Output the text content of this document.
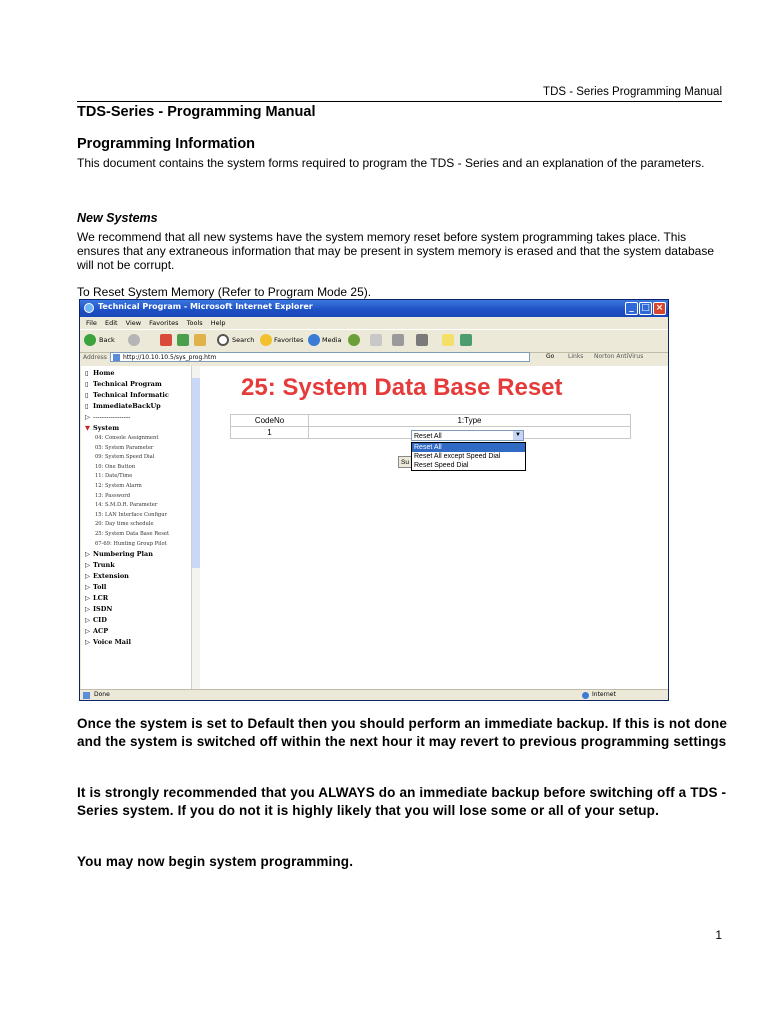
TDS - Series Programming Manual
TDS-Series - Programming Manual
Programming Information
This document contains the system forms required to program the TDS - Series and an explanation of the parameters.
New Systems
We recommend that all new systems have the system memory reset before system programming takes place. This ensures that any extraneous information that may be present in system memory is erased and that the system database will not be corrupt.
To Reset System Memory (Refer to Program Mode 25).
Technical Program - Microsoft Internet Explorer	_ □ ×
File Edit View Favorites Tools Help
Back	Search	Favorites	Media
Address	http://10.10.10.5/sys_prog.htm	Go Links Norton AntiVirus
▯ Home
▯ Technical Program
▯ Technical Informatic
▯ ImmediateBackUp
▷ -----------------
▼ System
04: Console Assignment
05: System Parameter
09: System Speed Dial
10: One Button
11: Date/Time
12: System Alarm
13: Password
14: S.M.D.R. Parameter
15: LAN Interface Configur
20: Day time schedule
25: System Data Base Reset
67-69: Hunting Group Pilot
▷ Numbering Plan
▷ Trunk
▷ Extension
▷ Toll
▷ LCR
▷ ISDN
▷ CID
▷ ACP
▷ Voice Mail
25: System Data Base Reset
CodeNo	1:Type
1		Reset All	▼
Su
Reset All
Reset All except Speed Dial
Reset Speed Dial
Done	Internet
Once the system is set to Default then you should perform an immediate backup. If this is not done and the system is switched off within the next hour it may revert to previous programming settings
It is strongly recommended that you ALWAYS do an immediate backup before switching off a TDS - Series system. If you do not it is highly likely that you will lose some or all of your setup.
You may now begin system programming.
1
